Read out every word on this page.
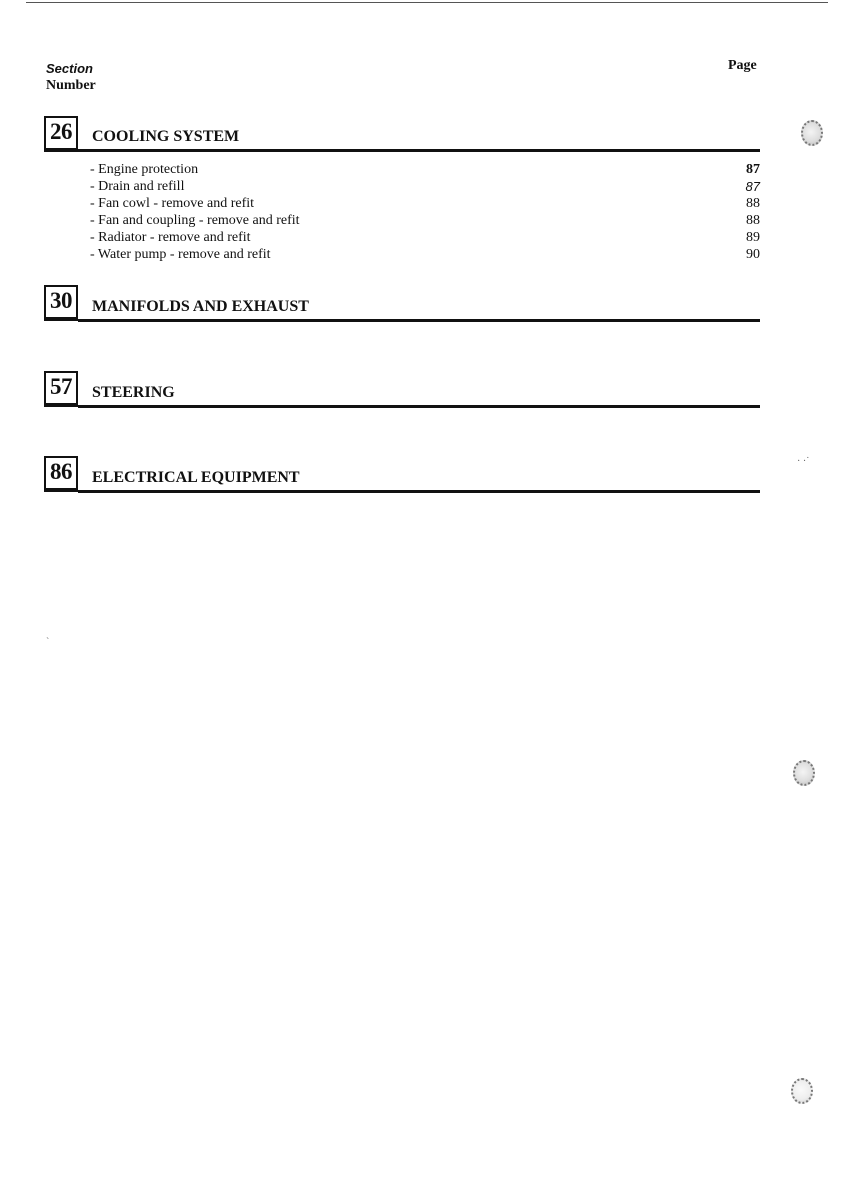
Section
Number
Page
26	COOLING SYSTEM
- Engine protection	87
- Drain and refill	87
- Fan cowl - remove and refit	88
- Fan and coupling - remove and refit	88
- Radiator - remove and refit	89
- Water pump - remove and refit	90
30	MANIFOLDS AND EXHAUST
57	STEERING
86	ELECTRICAL EQUIPMENT
· ·˙
˴
